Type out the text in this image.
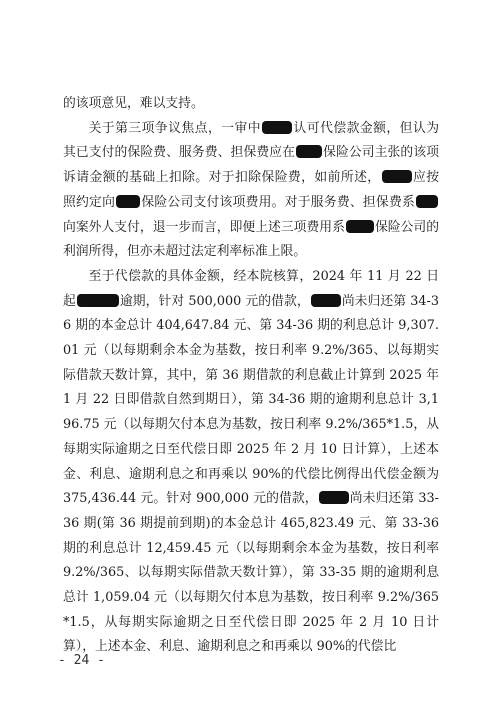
的该项意见，难以支持。

关于第三项争议焦点，一审中	认可代偿款金额，但认为其已支付的保险费、服务费、担保费应在 保险公司主张的该项诉请金额的基础上扣除。对于扣除保险费，如前所述，	应按照约定向 保险公司支付该项费用。对于服务费、担保费系向案外人支付，退一步而言，即便上述三项费用系 保险公司的利润所得，但亦未超过法定利率标准上限。

至于代偿款的具体金额，经本院核算，2024 年 11 月 22 日起	逾期，针对 500,000 元的借款，	尚未归还第 34-36 期的本金总计 404,647.84 元、第 34-36 期的利息总计 9,307.01 元（以每期剩余本金为基数，按日利率 9.2%/365、以每期实际借款天数计算，其中，第 36 期借款的利息截止计算到 2025 年 1 月 22 日即借款自然到期日），第 34-36 期的逾期利息总计 3,196.75 元（以每期欠付本息为基数，按日利率 9.2%/365*1.5，从每期实际逾期之日至代偿日即 2025 年 2 月 10 日计算），上述本金、利息、逾期利息之和再乘以 90%的代偿比例得出代偿金额为 375,436.44 元。针对 900,000 元的借款，	尚未归还第 33-36 期(第 36 期提前到期)的本金总计 465,823.49 元、第 33-36 期的利息总计 12,459.45 元（以每期剩余本金为基数，按日利率 9.2%/365、以每期实际借款天数计算），第 33-35 期的逾期利息总计 1,059.04 元（以每期欠付本息为基数，按日利率 9.2%/365*1.5，从每期实际逾期之日至代偿日即 2025 年 2 月 10 日计算），上述本金、利息、逾期利息之和再乘以 90%的代偿比

- 24 -
